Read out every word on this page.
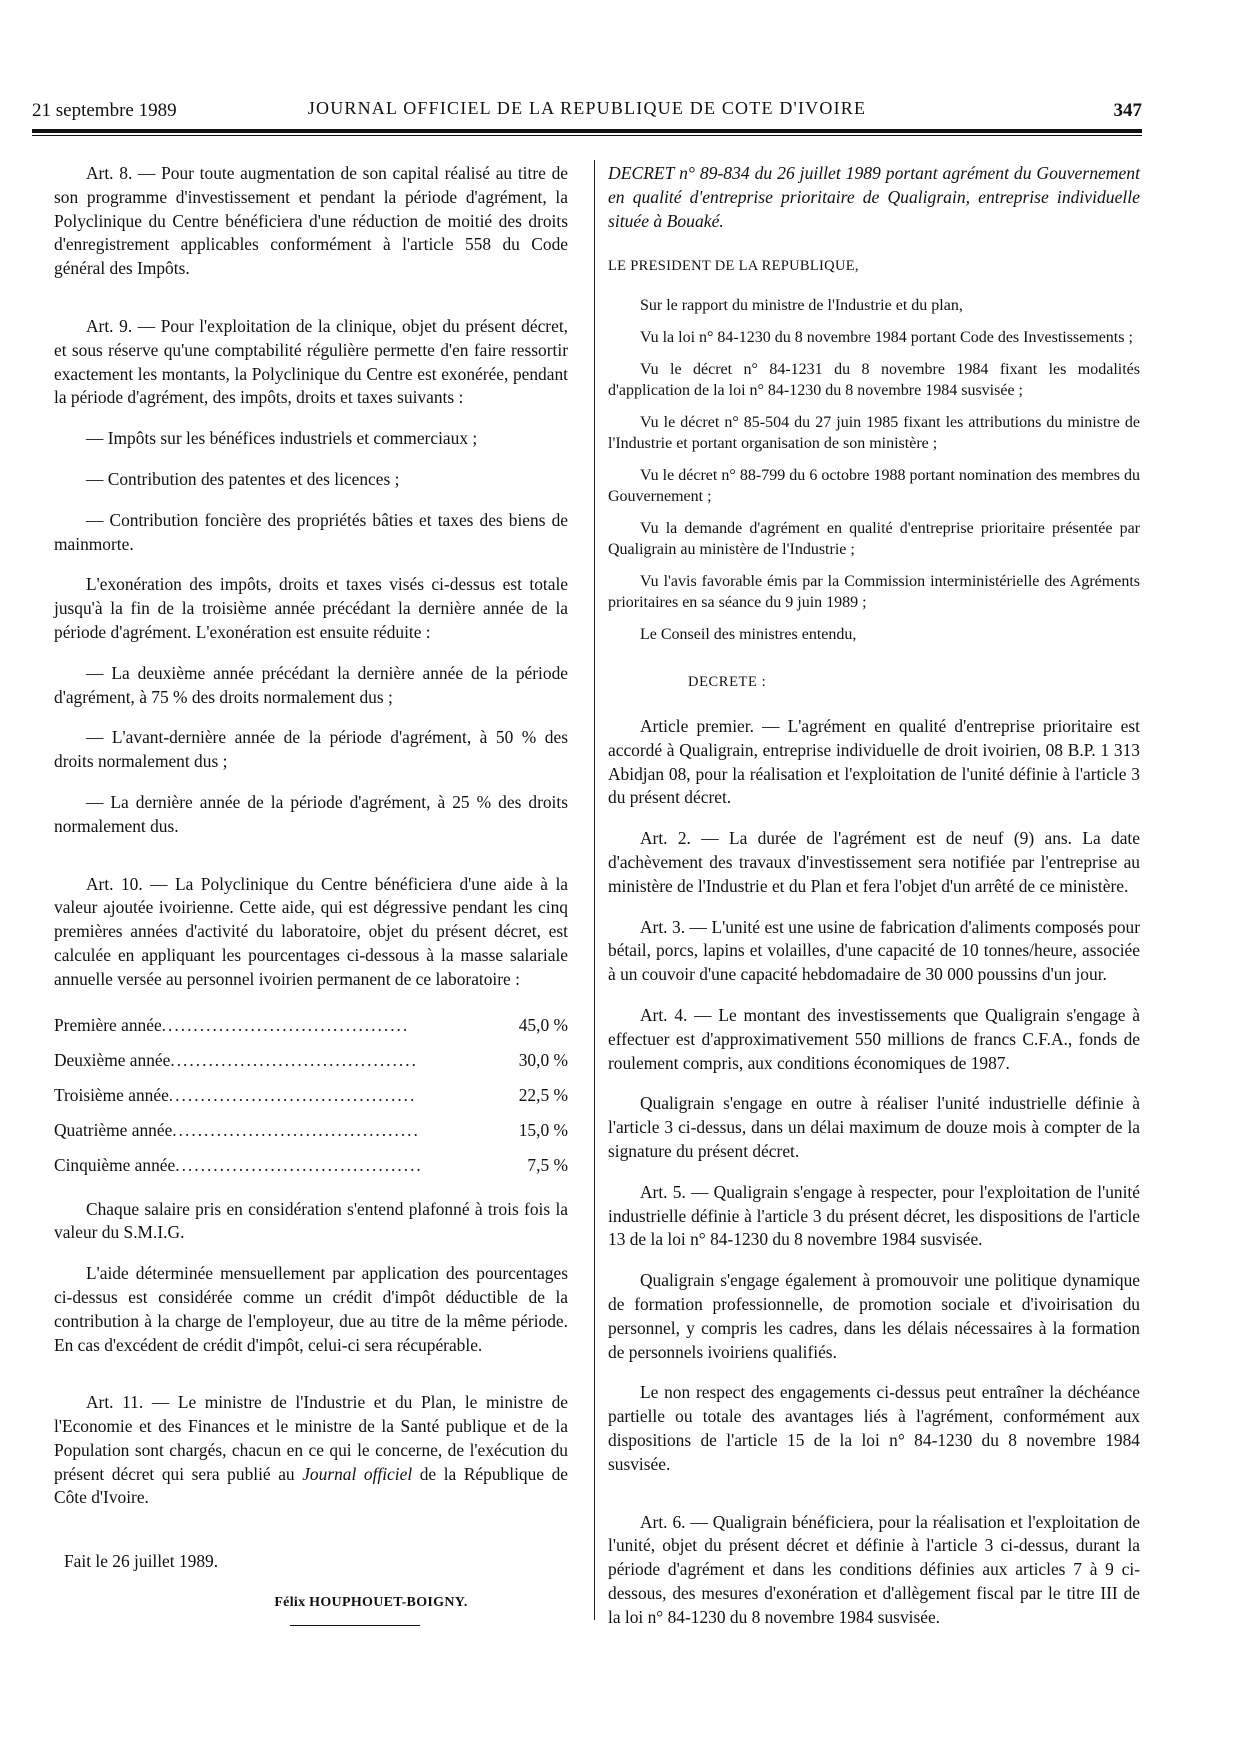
21 septembre 1989	JOURNAL OFFICIEL DE LA REPUBLIQUE DE COTE D'IVOIRE	347

Art. 8. — Pour toute augmentation de son capital réalisé au titre de son programme d'investissement et pendant la période d'agrément, la Polyclinique du Centre bénéficiera d'une réduction de moitié des droits d'enregistrement applicables conformément à l'article 558 du Code général des Impôts.

Art. 9. — Pour l'exploitation de la clinique, objet du présent décret, et sous réserve qu'une comptabilité régulière permette d'en faire ressortir exactement les montants, la Polyclinique du Centre est exonérée, pendant la période d'agrément, des impôts, droits et taxes suivants :

— Impôts sur les bénéfices industriels et commerciaux ;

— Contribution des patentes et des licences ;

— Contribution foncière des propriétés bâties et taxes des biens de mainmorte.

L'exonération des impôts, droits et taxes visés ci-dessus est totale jusqu'à la fin de la troisième année précédant la dernière année de la période d'agrément. L'exonération est ensuite réduite :

— La deuxième année précédant la dernière année de la période d'agrément, à 75 % des droits normalement dus ;

— L'avant-dernière année de la période d'agrément, à 50 % des droits normalement dus ;

— La dernière année de la période d'agrément, à 25 % des droits normalement dus.

Art. 10. — La Polyclinique du Centre bénéficiera d'une aide à la valeur ajoutée ivoirienne. Cette aide, qui est dégressive pendant les cinq premières années d'activité du laboratoire, objet du présent décret, est calculée en appliquant les pourcentages ci-dessous à la masse salariale annuelle versée au personnel ivoirien permanent de ce laboratoire :

Première année.......................................	45,0 %
Deuxième année.......................................	30,0 %
Troisième année.......................................	22,5 %
Quatrième année.......................................	15,0 %
Cinquième année.......................................	7,5 %

Chaque salaire pris en considération s'entend plafonné à trois fois la valeur du S.M.I.G.

L'aide déterminée mensuellement par application des pourcentages ci-dessus est considérée comme un crédit d'impôt déductible de la contribution à la charge de l'employeur, due au titre de la même période. En cas d'excédent de crédit d'impôt, celui-ci sera récupérable.

Art. 11. — Le ministre de l'Industrie et du Plan, le ministre de l'Economie et des Finances et le ministre de la Santé publique et de la Population sont chargés, chacun en ce qui le concerne, de l'exécution du présent décret qui sera publié au Journal officiel de la République de Côte d'Ivoire.

Fait le 26 juillet 1989.

Félix HOUPHOUET-BOIGNY.

DECRET n° 89-834 du 26 juillet 1989 portant agrément du Gouvernement en qualité d'entreprise prioritaire de Qualigrain, entreprise individuelle située à Bouaké.

LE PRESIDENT DE LA REPUBLIQUE,

Sur le rapport du ministre de l'Industrie et du plan,

Vu la loi n° 84-1230 du 8 novembre 1984 portant Code des Investissements ;

Vu le décret n° 84-1231 du 8 novembre 1984 fixant les modalités d'application de la loi n° 84-1230 du 8 novembre 1984 susvisée ;

Vu le décret n° 85-504 du 27 juin 1985 fixant les attributions du ministre de l'Industrie et portant organisation de son ministère ;

Vu le décret n° 88-799 du 6 octobre 1988 portant nomination des membres du Gouvernement ;

Vu la demande d'agrément en qualité d'entreprise prioritaire présentée par Qualigrain au ministère de l'Industrie ;

Vu l'avis favorable émis par la Commission interministérielle des Agréments prioritaires en sa séance du 9 juin 1989 ;

Le Conseil des ministres entendu,

DECRETE :

Article premier. — L'agrément en qualité d'entreprise prioritaire est accordé à Qualigrain, entreprise individuelle de droit ivoirien, 08 B.P. 1 313 Abidjan 08, pour la réalisation et l'exploitation de l'unité définie à l'article 3 du présent décret.

Art. 2. — La durée de l'agrément est de neuf (9) ans. La date d'achèvement des travaux d'investissement sera notifiée par l'entreprise au ministère de l'Industrie et du Plan et fera l'objet d'un arrêté de ce ministère.

Art. 3. — L'unité est une usine de fabrication d'aliments composés pour bétail, porcs, lapins et volailles, d'une capacité de 10 tonnes/heure, associée à un couvoir d'une capacité hebdomadaire de 30 000 poussins d'un jour.

Art. 4. — Le montant des investissements que Qualigrain s'engage à effectuer est d'approximativement 550 millions de francs C.F.A., fonds de roulement compris, aux conditions économiques de 1987.

Qualigrain s'engage en outre à réaliser l'unité industrielle définie à l'article 3 ci-dessus, dans un délai maximum de douze mois à compter de la signature du présent décret.

Art. 5. — Qualigrain s'engage à respecter, pour l'exploitation de l'unité industrielle définie à l'article 3 du présent décret, les dispositions de l'article 13 de la loi n° 84-1230 du 8 novembre 1984 susvisée.

Qualigrain s'engage également à promouvoir une politique dynamique de formation professionnelle, de promotion sociale et d'ivoirisation du personnel, y compris les cadres, dans les délais nécessaires à la formation de personnels ivoiriens qualifiés.

Le non respect des engagements ci-dessus peut entraîner la déchéance partielle ou totale des avantages liés à l'agrément, conformément aux dispositions de l'article 15 de la loi n° 84-1230 du 8 novembre 1984 susvisée.

Art. 6. — Qualigrain bénéficiera, pour la réalisation et l'exploitation de l'unité, objet du présent décret et définie à l'article 3 ci-dessus, durant la période d'agrément et dans les conditions définies aux articles 7 à 9 ci-dessous, des mesures d'exonération et d'allègement fiscal par le titre III de la loi n° 84-1230 du 8 novembre 1984 susvisée.
